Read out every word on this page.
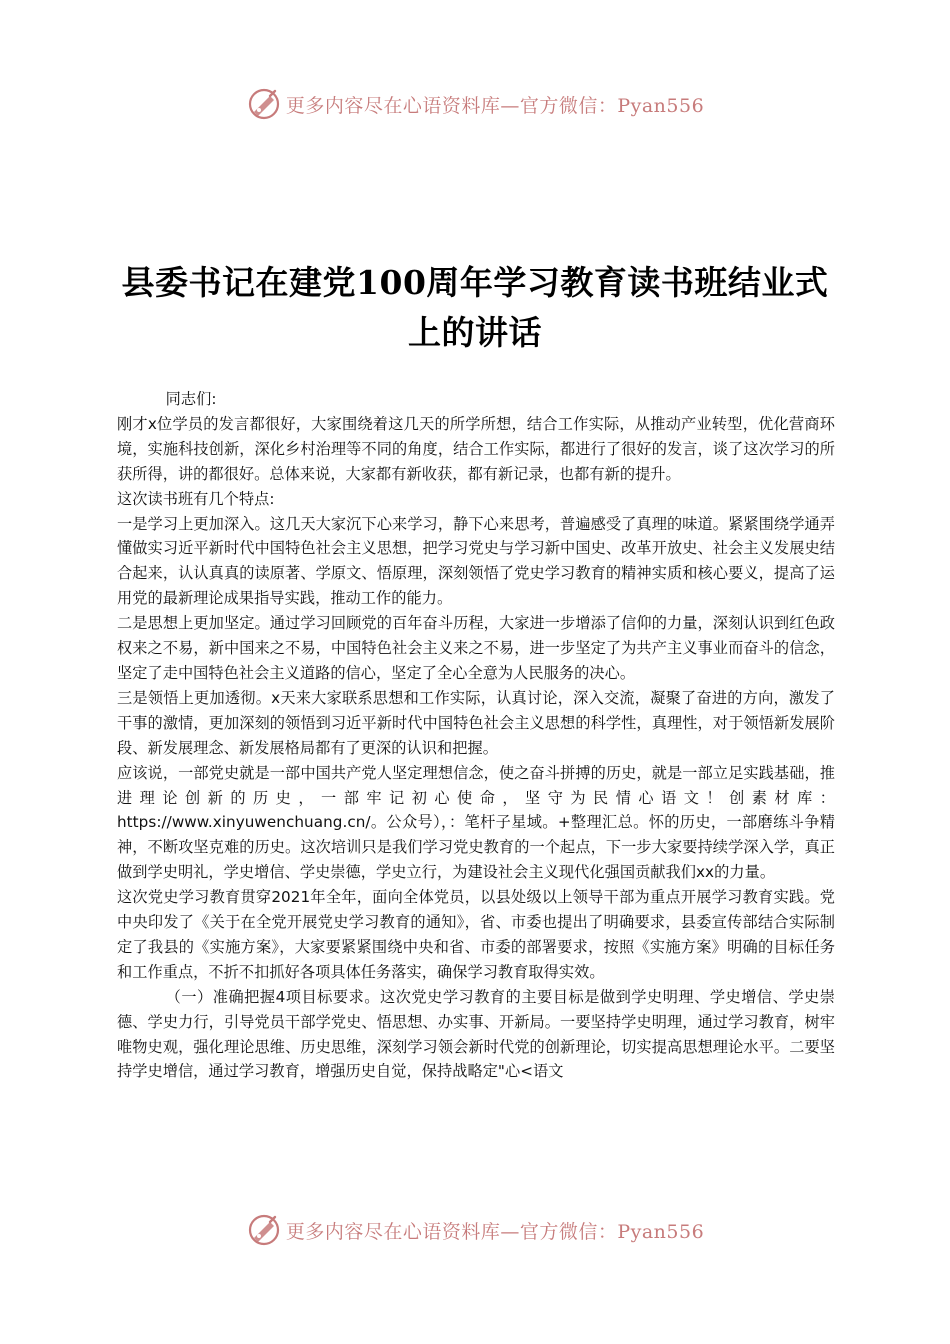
更多内容尽在心语资料库—官方微信：Pyan556
县委书记在建党100周年学习教育读书班结业式上的讲话

同志们:

刚才x位学员的发言都很好，大家围绕着这几天的所学所想，结合工作实际，从推动产业转型，优化营商环境，实施科技创新，深化乡村治理等不同的角度，结合工作实际，都进行了很好的发言，谈了这次学习的所获所得，讲的都很好。总体来说，大家都有新收获，都有新记录，也都有新的提升。

这次读书班有几个特点:

一是学习上更加深入。这几天大家沉下心来学习，静下心来思考，普遍感受了真理的味道。紧紧围绕学通弄懂做实习近平新时代中国特色社会主义思想，把学习党史与学习新中国史、改革开放史、社会主义发展史结合起来，认认真真的读原著、学原文、悟原理，深刻领悟了党史学习教育的精神实质和核心要义，提高了运用党的最新理论成果指导实践，推动工作的能力。

二是思想上更加坚定。通过学习回顾党的百年奋斗历程，大家进一步增添了信仰的力量，深刻认识到红色政权来之不易，新中国来之不易，中国特色社会主义来之不易，进一步坚定了为共产主义事业而奋斗的信念，坚定了走中国特色社会主义道路的信心，坚定了全心全意为人民服务的决心。

三是领悟上更加透彻。x天来大家联系思想和工作实际，认真讨论，深入交流，凝聚了奋进的方向，激发了干事的激情，更加深刻的领悟到习近平新时代中国特色社会主义思想的科学性，真理性，对于领悟新发展阶段、新发展理念、新发展格局都有了更深的认识和把握。

应该说，一部党史就是一部中国共产党人坚定理想信念，使之奋斗拼搏的历史，就是一部立足实践基础，推进理论创新的历史，一部牢记初心使命，坚守为民情心语文！创素材库：https://www.xinyuwenchuang.cn/。公众号），：笔杆子星域。+整理汇总。怀的历史，一部磨练斗争精神，不断攻坚克难的历史。这次培训只是我们学习党史教育的一个起点，下一步大家要持续学深入学，真正做到学史明礼，学史增信、学史崇德，学史立行，为建设社会主义现代化强国贡献我们xx的力量。

这次党史学习教育贯穿2021年全年，面向全体党员，以县处级以上领导干部为重点开展学习教育实践。党中央印发了《关于在全党开展党史学习教育的通知》，省、市委也提出了明确要求，县委宣传部结合实际制定了我县的《实施方案》，大家要紧紧围绕中央和省、市委的部署要求，按照《实施方案》明确的目标任务和工作重点，不折不扣抓好各项具体任务落实，确保学习教育取得实效。

（一）准确把握4项目标要求。这次党史学习教育的主要目标是做到学史明理、学史增信、学史崇德、学史力行，引导党员干部学党史、悟思想、办实事、开新局。一要坚持学史明理，通过学习教育，树牢唯物史观，强化理论思维、历史思维，深刻学习领会新时代党的创新理论，切实提高思想理论水平。二要坚持学史增信，通过学习教育，增强历史自觉，保持战略定"心<语文

更多内容尽在心语资料库—官方微信：Pyan556
